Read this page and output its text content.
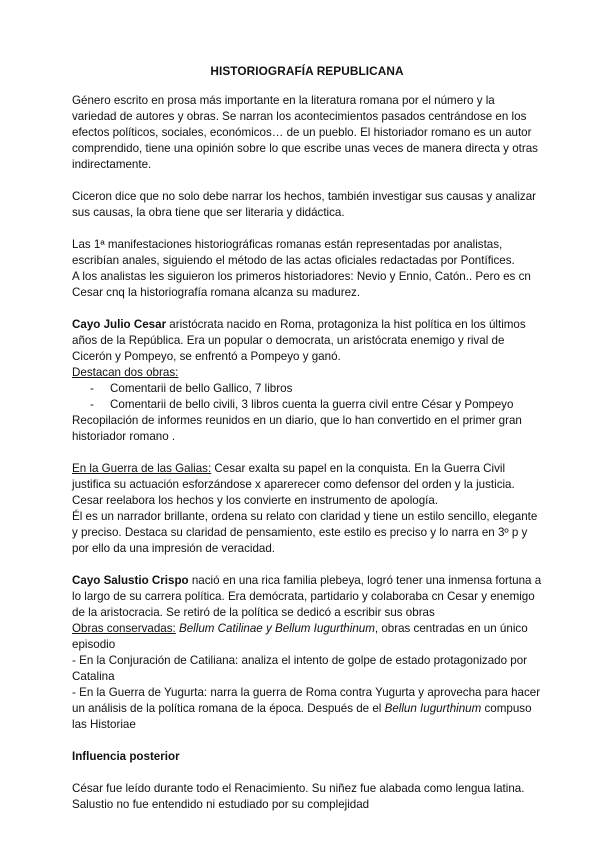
HISTORIOGRAFÍA REPUBLICANA

Género escrito en prosa más importante en la literatura romana por el número y la variedad de autores y obras. Se narran los acontecimientos pasados centrándose en los efectos políticos, sociales, económicos… de un pueblo. El historiador romano es un autor comprendido, tiene una opinión sobre lo que escribe unas veces de manera directa y otras indirectamente.

Ciceron dice que no solo debe narrar los hechos, también investigar sus causas y analizar sus causas, la obra tiene que ser literaria y didáctica.

Las 1ª manifestaciones historiográficas romanas están representadas por analistas, escribían anales, siguiendo el método de las actas oficiales redactadas por Pontífices.

A los analistas les siguieron los primeros historiadores: Nevio y Ennio, Catón.. Pero es cn Cesar cnq la historiografía romana alcanza su madurez.

Cayo Julio Cesar aristócrata nacido en Roma, protagoniza la hist política en los últimos años de la República. Era un popular o democrata, un aristócrata enemigo y rival de Cicerón y Pompeyo, se enfrentó a Pompeyo y ganó.

Destacan dos obras:

- Comentarii de bello Gallico, 7 libros
- Comentarii de bello civili, 3 libros cuenta la guerra civil entre César y Pompeyo

Recopilación de informes reunidos en un diario, que lo han convertido en el primer gran historiador romano .

En la Guerra de las Galias: Cesar exalta su papel en la conquista. En la Guerra Civil justifica su actuación esforzándose x aparerecer como defensor del orden y la justicia. Cesar reelabora los hechos y los convierte en instrumento de apología.

Él es un narrador brillante, ordena su relato con claridad y tiene un estilo sencillo, elegante y preciso. Destaca su claridad de pensamiento, este estilo es preciso y lo narra en 3º p y por ello da una impresión de veracidad.

Cayo Salustio Crispo nació en una rica familia plebeya, logró tener una inmensa fortuna a lo largo de su carrera política. Era demócrata, partidario y colaboraba cn Cesar y enemigo de la aristocracia. Se retiró de la política se dedicó a escribir sus obras

Obras conservadas: Bellum Catilinae y Bellum Iugurthinum, obras centradas en un único episodio

- En la Conjuración de Catiliana: analiza el intento de golpe de estado protagonizado por Catalina

- En la Guerra de Yugurta: narra la guerra de Roma contra Yugurta y aprovecha para hacer un análisis de la política romana de la época. Después de el Bellun Iugurthinum compuso las Historiae

Influencia posterior

César fue leído durante todo el Renacimiento. Su niñez fue alabada como lengua latina. Salustio no fue entendido ni estudiado por su complejidad
